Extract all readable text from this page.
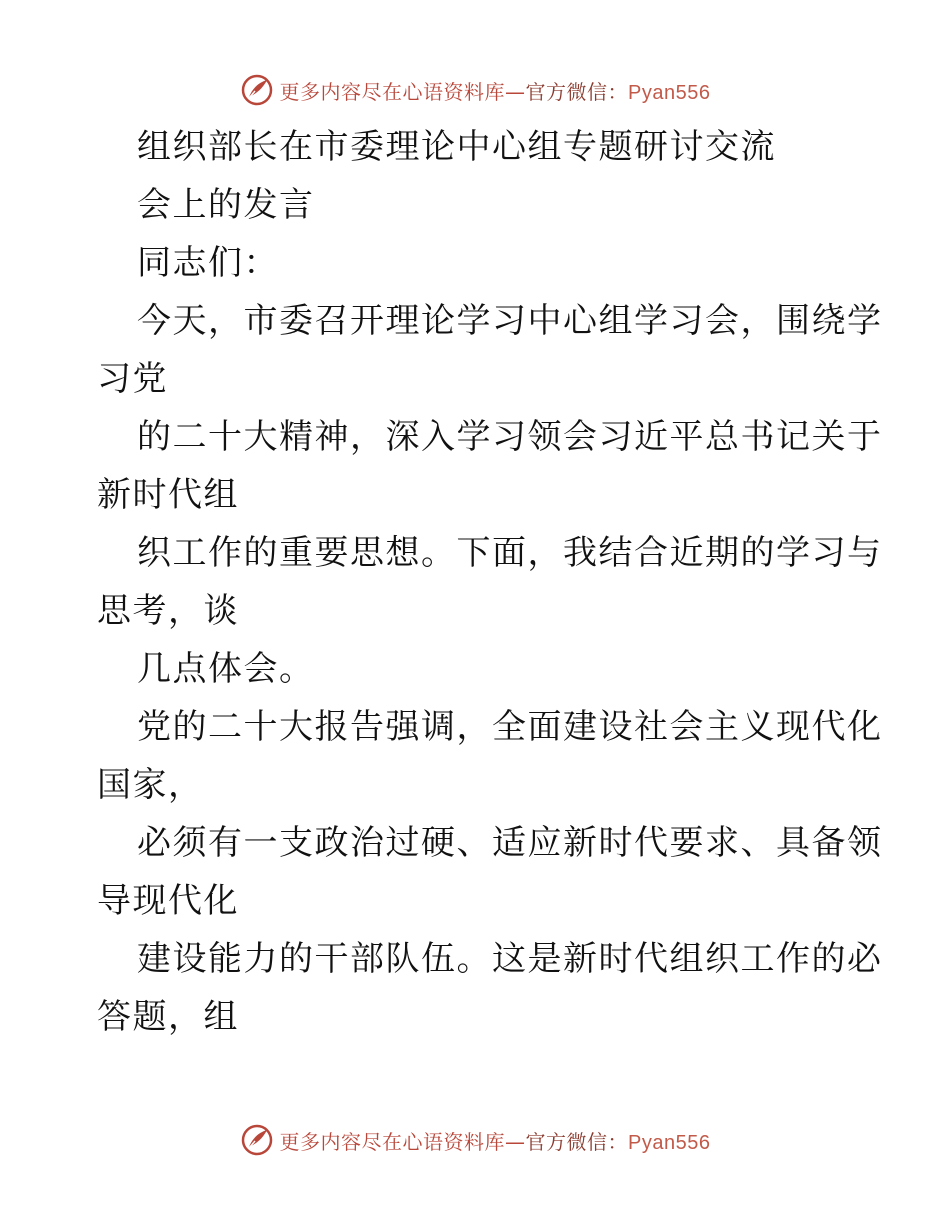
更多内容尽在心语资料库—官方微信：Pyan556
组织部长在市委理论中心组专题研讨交流
会上的发言
同志们：
今天，市委召开理论学习中心组学习会，围绕学
习党
的二十大精神，深入学习领会习近平总书记关于
新时代组
织工作的重要思想。下面，我结合近期的学习与
思考，谈
几点体会。
党的二十大报告强调，全面建设社会主义现代化
国家，
必须有一支政治过硬、适应新时代要求、具备领
导现代化
建设能力的干部队伍。这是新时代组织工作的必
答题，组
更多内容尽在心语资料库—官方微信：Pyan556
